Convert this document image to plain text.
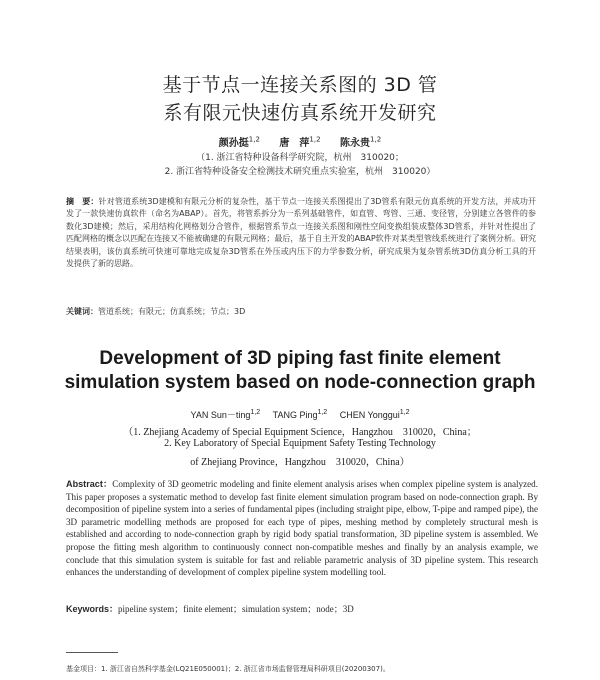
基于节点一连接关系图的 3D 管
系有限元快速仿真系统开发研究
颜孙挺$^{1,2}$ 唐　萍$^{1,2}$ 陈永贵$^{1,2}$
（1. 浙江省特种设备科学研究院，杭州　310020；
2. 浙江省特种设备安全检测技术研究重点实验室，杭州　310020）
摘　要：针对管道系统3D建模和有限元分析的复杂性，基于节点一连接关系图提出了3D管系有限元仿真系统的开发方法，并成功开发了一款快速仿真软件（命名为ABAP）。首先，将管系拆分为一系列基础管件，如直管、弯管、三通、变径管，分别建立各管件的参数化3D建模；然后，采用结构化网格划分合管件，根据管系节点一连接关系图和刚性空间变换组装成整体3D管系，并针对性提出了匹配网格的概念以匹配在连接又不能被确建的有限元网格；最后，基于自主开发的ABAP软件对某类型管线系统进行了案例分析。研究结果表明，该仿真系统可快速可靠地完成复杂3D管系在外压或内压下的力学参数分析，研究成果为复杂管系统3D仿真分析工具的开发提供了新的思路。
关键词：管道系统；有限元；仿真系统；节点；3D
Development of 3D piping fast finite element
simulation system based on node-connection graph
YAN Sun－ting$^{1,2}$ TANG Ping$^{1,2}$ CHEN Yonggui$^{1,2}$
（1. Zhejiang Academy of Special Equipment Science，Hangzhou　310020，China；
2. Key Laboratory of Special Equipment Safety Testing Technology
of Zhejiang Province，Hangzhou　310020，China）
Abstract：Complexity of 3D geometric modeling and finite element analysis arises when complex pipeline system is analyzed. This paper proposes a systematic method to develop fast finite element simulation program based on node-connection graph. By decomposition of pipeline system into a series of fundamental pipes (including straight pipe, elbow, T-pipe and ramped pipe), the 3D parametric modelling methods are proposed for each type of pipes, meshing method by completely structural mesh is established and according to node-connection graph by rigid body spatial transformation, 3D pipeline system is assembled. We propose the fitting mesh algorithm to continuously connect non-compatible meshes and finally by an analysis example, we conclude that this simulation system is suitable for fast and reliable parametric analysis of 3D pipeline system. This research enhances the understanding of development of complex pipeline system modelling tool.
Keywords：pipeline system；finite element；simulation system；node；3D
基金项目：1. 浙江省自然科学基金(LQ21E050001)；2. 浙江省市场监督管理局科研项目(20200307)。
